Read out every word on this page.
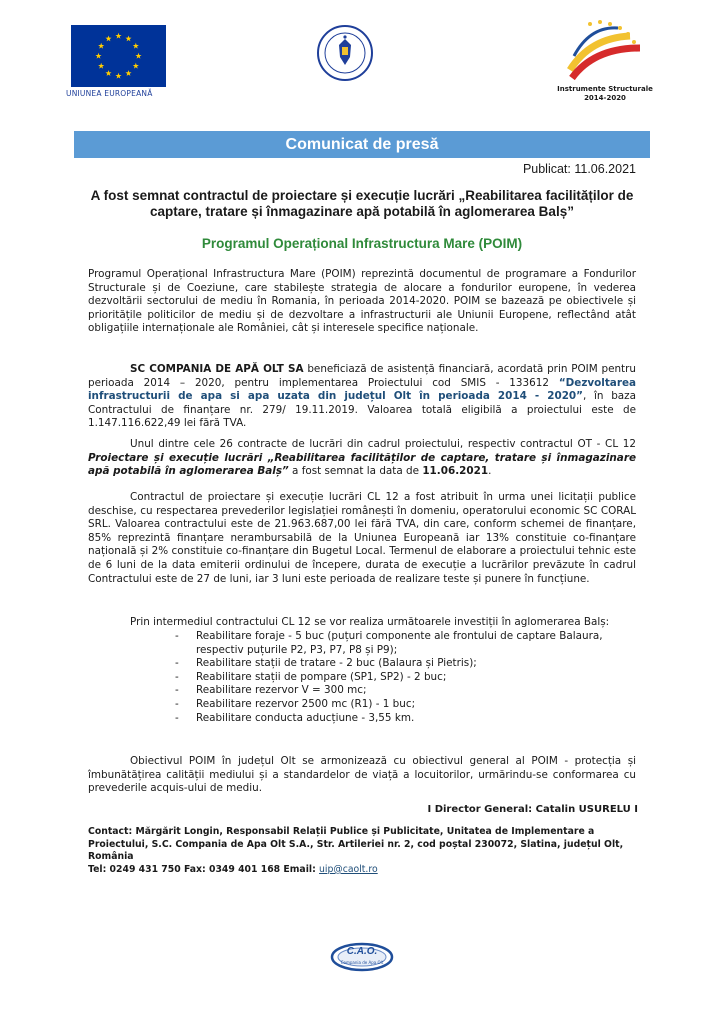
UNIUNEA EUROPEANĂ	Instrumente Structurale
2014-2020
Comunicat de presă
Publicat: 11.06.2021
A fost semnat contractul de proiectare și execuție lucrări „Reabilitarea facilităților de captare, tratare și înmagazinare apă potabilă în aglomerarea Balș”
Programul Operațional Infrastructura Mare (POIM)
Programul Operațional Infrastructura Mare (POIM) reprezintă documentul de programare a Fondurilor Structurale și de Coeziune, care stabilește strategia de alocare a fondurilor europene, în vederea dezvoltării sectorului de mediu în Romania, în perioada 2014-2020. POIM se bazează pe obiectivele și prioritățile politicilor de mediu și de dezvoltare a infrastructurii ale Uniunii Europene, reflectând atât obligațiile internaționale ale României, cât și interesele specifice naționale.
SC COMPANIA DE APĂ OLT SA beneficiază de asistență financiară, acordată prin POIM pentru perioada 2014 – 2020, pentru implementarea Proiectului cod SMIS - 133612 “Dezvoltarea infrastructurii de apa si apa uzata din județul Olt în perioada 2014 - 2020”, în baza Contractului de finanțare nr. 279/ 19.11.2019. Valoarea totală eligibilă a proiectului este de 1.147.116.622,49 lei fără TVA.
Unul dintre cele 26 contracte de lucrări din cadrul proiectului, respectiv contractul OT - CL 12 Proiectare și execuție lucrări „Reabilitarea facilităților de captare, tratare și înmagazinare apă potabilă în aglomerarea Balș” a fost semnat la data de 11.06.2021.
Contractul de proiectare și execuție lucrări CL 12 a fost atribuit în urma unei licitații publice deschise, cu respectarea prevederilor legislației românești în domeniu, operatorului economic SC CORAL SRL. Valoarea contractului este de 21.963.687,00 lei fără TVA, din care, conform schemei de finanțare, 85% reprezintă finanțare nerambursabilă de la Uniunea Europeană iar 13% constituie co-finanțare națională și 2% constituie co-finanțare din Bugetul Local. Termenul de elaborare a proiectului tehnic este de 6 luni de la data emiterii ordinului de începere, durata de execuție a lucrărilor prevăzute în cadrul Contractului este de 27 de luni, iar 3 luni este perioada de realizare teste și punere în funcțiune.
Prin intermediul contractului CL 12 se vor realiza următoarele investiții în aglomerarea Balș:
- Reabilitare foraje - 5 buc (puțuri componente ale frontului de captare Balaura, respectiv puțurile P2, P3, P7, P8 și P9);
- Reabilitare stații de tratare - 2 buc (Balaura și Pietris);
- Reabilitare stații de pompare (SP1, SP2) - 2 buc;
- Reabilitare rezervor V = 300 mc;
- Reabilitare rezervor 2500 mc (R1) - 1 buc;
- Reabilitare conducta aducțiune - 3,55 km.
Obiectivul POIM în județul Olt se armonizează cu obiectivul general al POIM - protecția și îmbunătățirea calității mediului și a standardelor de viață a locuitorilor, urmărindu-se conformarea cu prevederile acquis-ului de mediu.
I Director General: Catalin USURELU I
Contact: Mărgărit Longin, Responsabil Relații Publice și Publicitate, Unitatea de Implementare a Proiectului, S.C. Compania de Apa Olt S.A., Str. Artileriei nr. 2, cod poștal 230072, Slatina, județul Olt, România
Tel: 0249 431 750 Fax: 0349 401 168 Email: uip@caolt.ro
C.A.O.
Compania de Apa Olt
